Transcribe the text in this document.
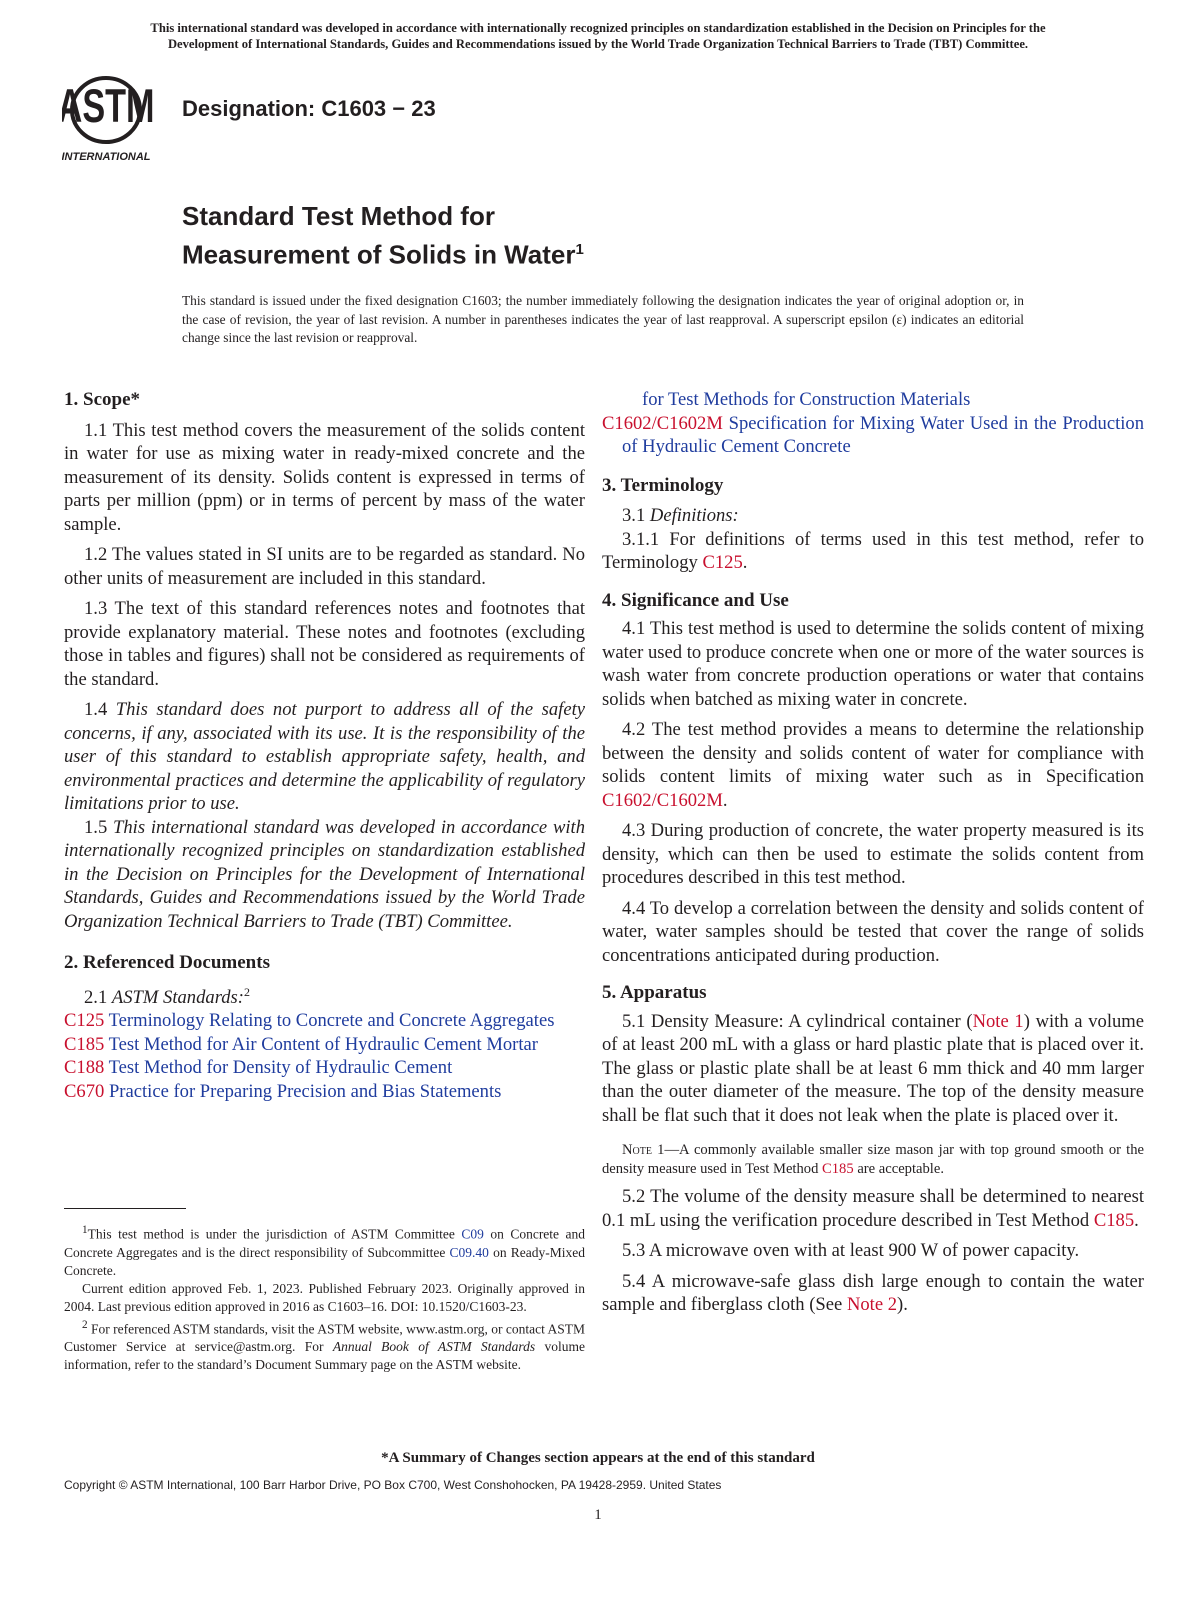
This international standard was developed in accordance with internationally recognized principles on standardization established in the Decision on Principles for the
Development of International Standards, Guides and Recommendations issued by the World Trade Organization Technical Barriers to Trade (TBT) Committee.
ASTM
INTERNATIONAL
Designation: C1603 − 23
Standard Test Method for
Measurement of Solids in Water$^1$
This standard is issued under the fixed designation C1603; the number immediately following the designation indicates the year of original adoption or, in the case of revision, the year of last revision. A number in parentheses indicates the year of last reapproval. A superscript epsilon (ε) indicates an editorial change since the last revision or reapproval.
1. Scope*

1.1 This test method covers the measurement of the solids content in water for use as mixing water in ready-mixed concrete and the measurement of its density. Solids content is expressed in terms of parts per million (ppm) or in terms of percent by mass of the water sample.

1.2 The values stated in SI units are to be regarded as standard. No other units of measurement are included in this standard.

1.3 The text of this standard references notes and footnotes that provide explanatory material. These notes and footnotes (excluding those in tables and figures) shall not be considered as requirements of the standard.

1.4 This standard does not purport to address all of the safety concerns, if any, associated with its use. It is the responsibility of the user of this standard to establish appropriate safety, health, and environmental practices and determine the applicability of regulatory limitations prior to use.

1.5 This international standard was developed in accordance with internationally recognized principles on standardization established in the Decision on Principles for the Development of International Standards, Guides and Recommendations issued by the World Trade Organization Technical Barriers to Trade (TBT) Committee.

2. Referenced Documents

2.1 ASTM Standards:$^2$

C125 Terminology Relating to Concrete and Concrete Aggregates
C185 Test Method for Air Content of Hydraulic Cement Mortar
C188 Test Method for Density of Hydraulic Cement
C670 Practice for Preparing Precision and Bias Statements

$^1$This test method is under the jurisdiction of ASTM Committee C09 on Concrete and Concrete Aggregates and is the direct responsibility of Subcommittee C09.40 on Ready-Mixed Concrete.

Current edition approved Feb. 1, 2023. Published February 2023. Originally approved in 2004. Last previous edition approved in 2016 as C1603–16. DOI: 10.1520/C1603-23.

$^2$ For referenced ASTM standards, visit the ASTM website, www.astm.org, or contact ASTM Customer Service at service@astm.org. For Annual Book of ASTM Standards volume information, refer to the standard’s Document Summary page on the ASTM website.

for Test Methods for Construction Materials
C1602/C1602M Specification for Mixing Water Used in the Production of Hydraulic Cement Concrete
3. Terminology

3.1 Definitions:

3.1.1 For definitions of terms used in this test method, refer to Terminology C125.

4. Significance and Use

4.1 This test method is used to determine the solids content of mixing water used to produce concrete when one or more of the water sources is wash water from concrete production operations or water that contains solids when batched as mixing water in concrete.

4.2 The test method provides a means to determine the relationship between the density and solids content of water for compliance with solids content limits of mixing water such as in Specification C1602/C1602M.

4.3 During production of concrete, the water property measured is its density, which can then be used to estimate the solids content from procedures described in this test method.

4.4 To develop a correlation between the density and solids content of water, water samples should be tested that cover the range of solids concentrations anticipated during production.

5. Apparatus

5.1 Density Measure: A cylindrical container (Note 1) with a volume of at least 200 mL with a glass or hard plastic plate that is placed over it. The glass or plastic plate shall be at least 6 mm thick and 40 mm larger than the outer diameter of the measure. The top of the density measure shall be flat such that it does not leak when the plate is placed over it.

Note 1—A commonly available smaller size mason jar with top ground smooth or the density measure used in Test Method C185 are acceptable.

5.2 The volume of the density measure shall be determined to nearest 0.1 mL using the verification procedure described in Test Method C185.

5.3 A microwave oven with at least 900 W of power capacity.

5.4 A microwave-safe glass dish large enough to contain the water sample and fiberglass cloth (See Note 2).

*A Summary of Changes section appears at the end of this standard
Copyright © ASTM International, 100 Barr Harbor Drive, PO Box C700, West Conshohocken, PA 19428-2959. United States
1
